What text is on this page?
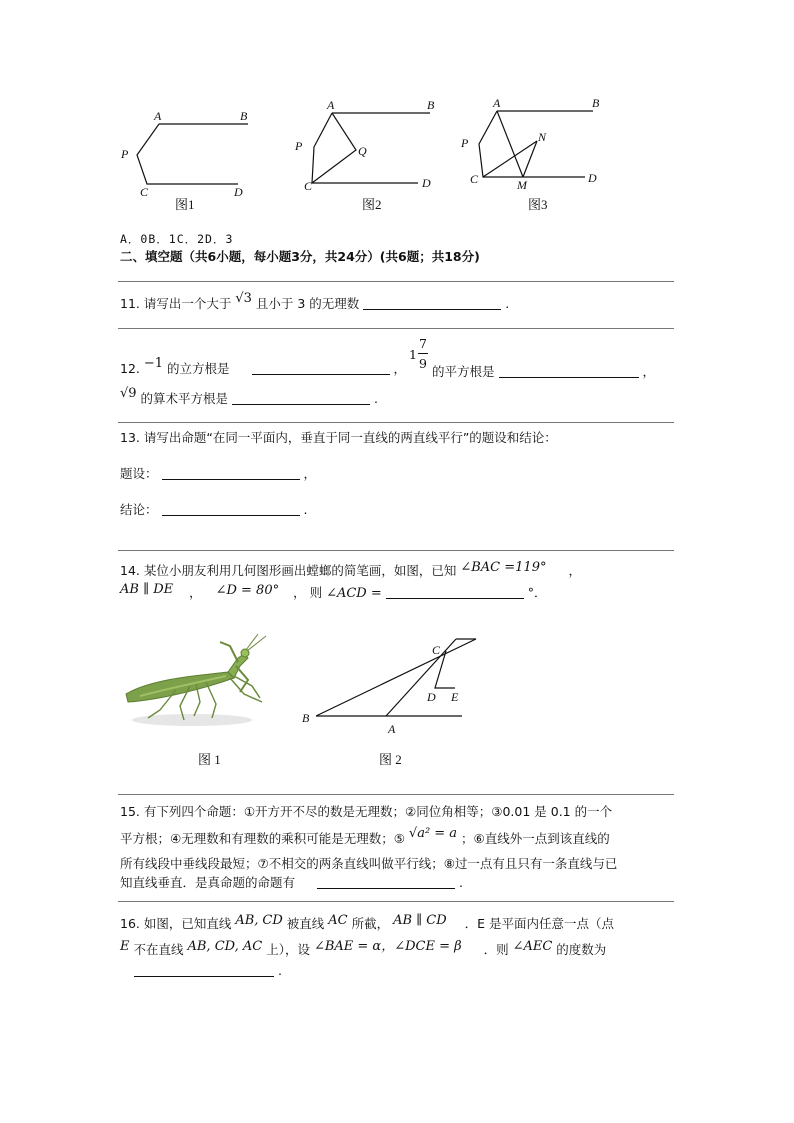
A	B
P
C	D
图1
A	B
P	Q
C	D
图2
A	B
P	N
C	M	D
图3
A．0B．1C．2D．3
二、填空题（共6小题，每小题3分，共24分）(共6题；共18分)
11. 请写出一个大于 √3 且小于 3 的无理数	.
12. −1 的立方根是	，
1
7
9
的平方根是	，
√9 的算术平方根是	.
13. 请写出命题“在同一平面内，垂直于同一直线的两直线平行”的题设和结论：
题设：	，
结论：	.
14. 某位小朋友利用几何图形画出螳螂的简笔画，如图，已知 ∠BAC =119° ，
AB ∥ DE ， ∠D = 80° ， 则 ∠ACD =	°．
图 1
C
D E
B
A
图 2
15. 有下列四个命题：①开方开不尽的数是无理数；②同位角相等；③0.01 是 0.1 的一个
平方根；④无理数和有理数的乘积可能是无理数；⑤ √a² = a ；⑥直线外一点到该直线的
所有线段中垂线段最短；⑦不相交的两条直线叫做平行线；⑧过一点有且只有一条直线与已
知直线垂直．是真命题的命题有	.
16. 如图，已知直线 AB, CD 被直线 AC 所截， AB ∥ CD ．E 是平面内任意一点（点
E 不在直线 AB, CD, AC 上），设 ∠BAE = α，∠DCE = β ．则 ∠AEC 的度数为
.
